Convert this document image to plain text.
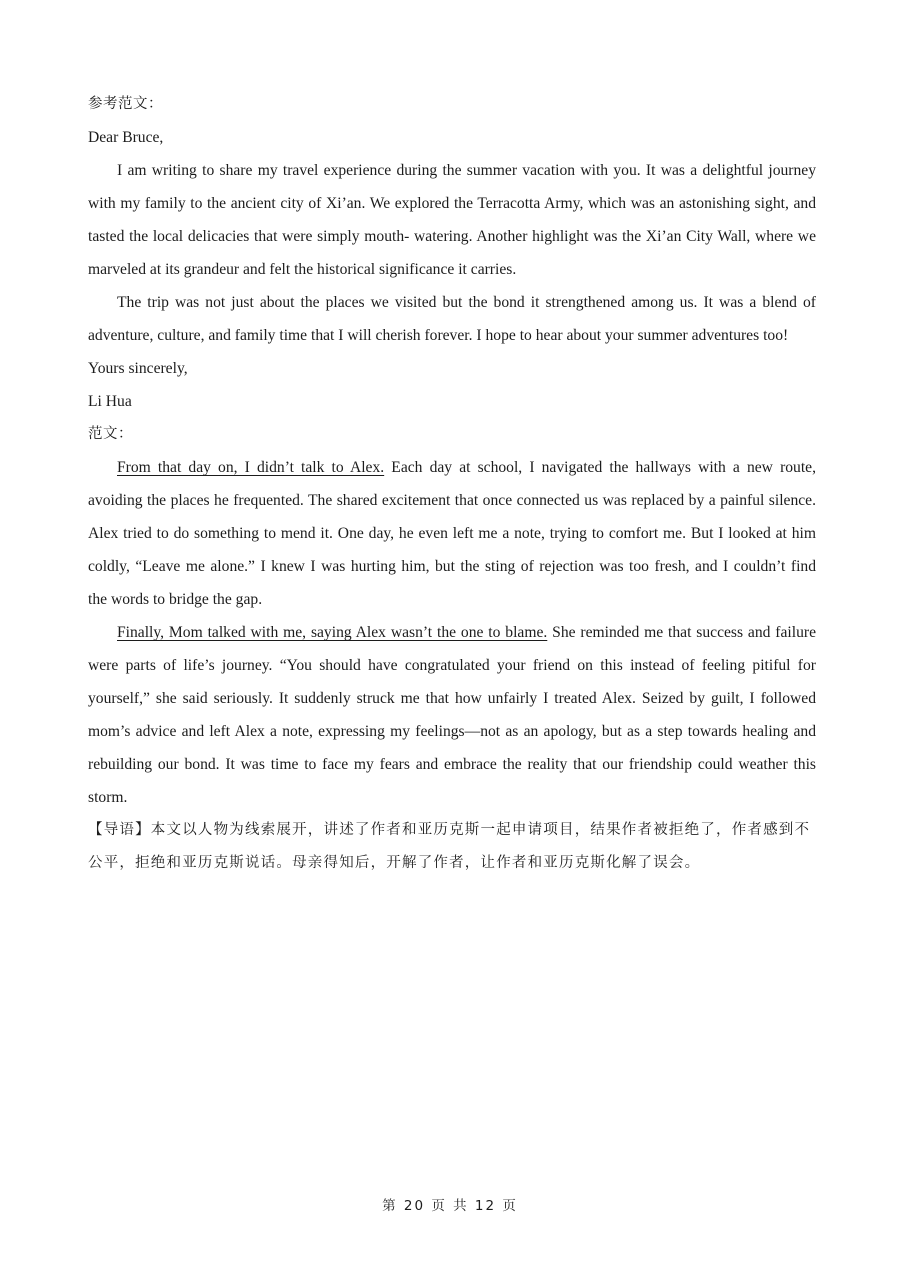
参考范文：

Dear Bruce,

I am writing to share my travel experience during the summer vacation with you. It was a delightful journey

with my family to the ancient city of Xi’an. We explored the Terracotta Army, which was an astonishing sight, and

tasted the local delicacies that were simply mouth- watering. Another highlight was the Xi’an City Wall, where we

marveled at its grandeur and felt the historical significance it carries.

The trip was not just about the places we visited but the bond it strengthened among us. It was a blend of

adventure, culture, and family time that I will cherish forever. I hope to hear about your summer adventures too!

Yours sincerely,

Li Hua

范文：

From that day on, I didn’t talk to Alex. Each day at school, I navigated the hallways with a new route,

avoiding the places he frequented. The shared excitement that once connected us was replaced by a painful silence.

Alex tried to do something to mend it. One day, he even left me a note, trying to comfort me. But I looked at him

coldly, “Leave me alone.” I knew I was hurting him, but the sting of rejection was too fresh, and I couldn’t find

the words to bridge the gap.

Finally, Mom talked with me, saying Alex wasn’t the one to blame. She reminded me that success and failure

were parts of life’s journey. “You should have congratulated your friend on this instead of feeling pitiful for

yourself,” she said seriously. It suddenly struck me that how unfairly I treated Alex. Seized by guilt, I followed

mom’s advice and left Alex a note, expressing my feelings—not as an apology, but as a step towards healing and

rebuilding our bond. It was time to face my fears and embrace the reality that our friendship could weather this

storm.

【导语】本文以人物为线索展开，讲述了作者和亚历克斯一起申请项目，结果作者被拒绝了，作者感到不

公平，拒绝和亚历克斯说话。母亲得知后，开解了作者，让作者和亚历克斯化解了误会。

第 20 页 共 12 页
